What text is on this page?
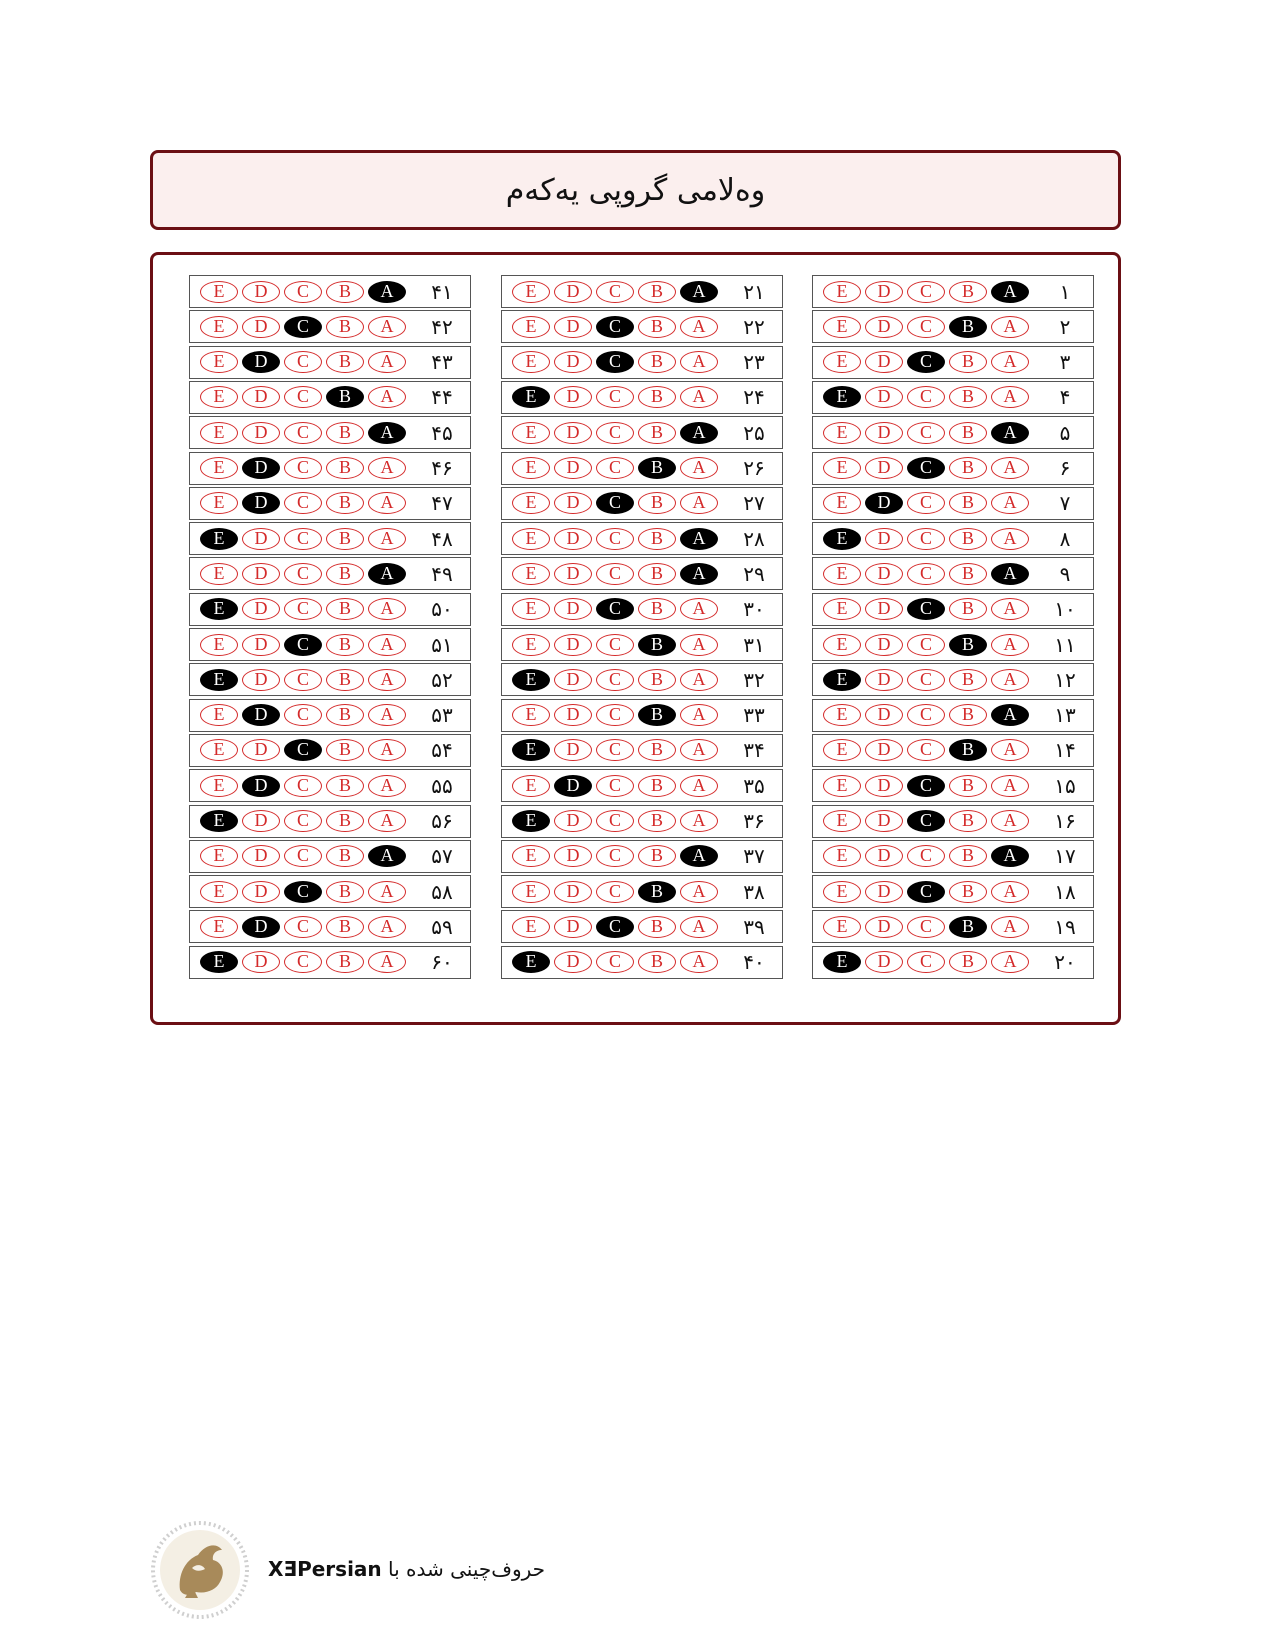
وەلامی گروپی یەکەم
۱
A
B
C
D
E
۲
A
B
C
D
E
۳
A
B
C
D
E
۴
A
B
C
D
E
۵
A
B
C
D
E
۶
A
B
C
D
E
۷
A
B
C
D
E
۸
A
B
C
D
E
۹
A
B
C
D
E
۱۰
A
B
C
D
E
۱۱
A
B
C
D
E
۱۲
A
B
C
D
E
۱۳
A
B
C
D
E
۱۴
A
B
C
D
E
۱۵
A
B
C
D
E
۱۶
A
B
C
D
E
۱۷
A
B
C
D
E
۱۸
A
B
C
D
E
۱۹
A
B
C
D
E
۲۰
A
B
C
D
E
۲۱
A
B
C
D
E
۲۲
A
B
C
D
E
۲۳
A
B
C
D
E
۲۴
A
B
C
D
E
۲۵
A
B
C
D
E
۲۶
A
B
C
D
E
۲۷
A
B
C
D
E
۲۸
A
B
C
D
E
۲۹
A
B
C
D
E
۳۰
A
B
C
D
E
۳۱
A
B
C
D
E
۳۲
A
B
C
D
E
۳۳
A
B
C
D
E
۳۴
A
B
C
D
E
۳۵
A
B
C
D
E
۳۶
A
B
C
D
E
۳۷
A
B
C
D
E
۳۸
A
B
C
D
E
۳۹
A
B
C
D
E
۴۰
A
B
C
D
E
۴۱
A
B
C
D
E
۴۲
A
B
C
D
E
۴۳
A
B
C
D
E
۴۴
A
B
C
D
E
۴۵
A
B
C
D
E
۴۶
A
B
C
D
E
۴۷
A
B
C
D
E
۴۸
A
B
C
D
E
۴۹
A
B
C
D
E
۵۰
A
B
C
D
E
۵۱
A
B
C
D
E
۵۲
A
B
C
D
E
۵۳
A
B
C
D
E
۵۴
A
B
C
D
E
۵۵
A
B
C
D
E
۵۶
A
B
C
D
E
۵۷
A
B
C
D
E
۵۸
A
B
C
D
E
۵۹
A
B
C
D
E
۶۰
A
B
C
D
E
حروف‌چینی شده با XƎPersian
